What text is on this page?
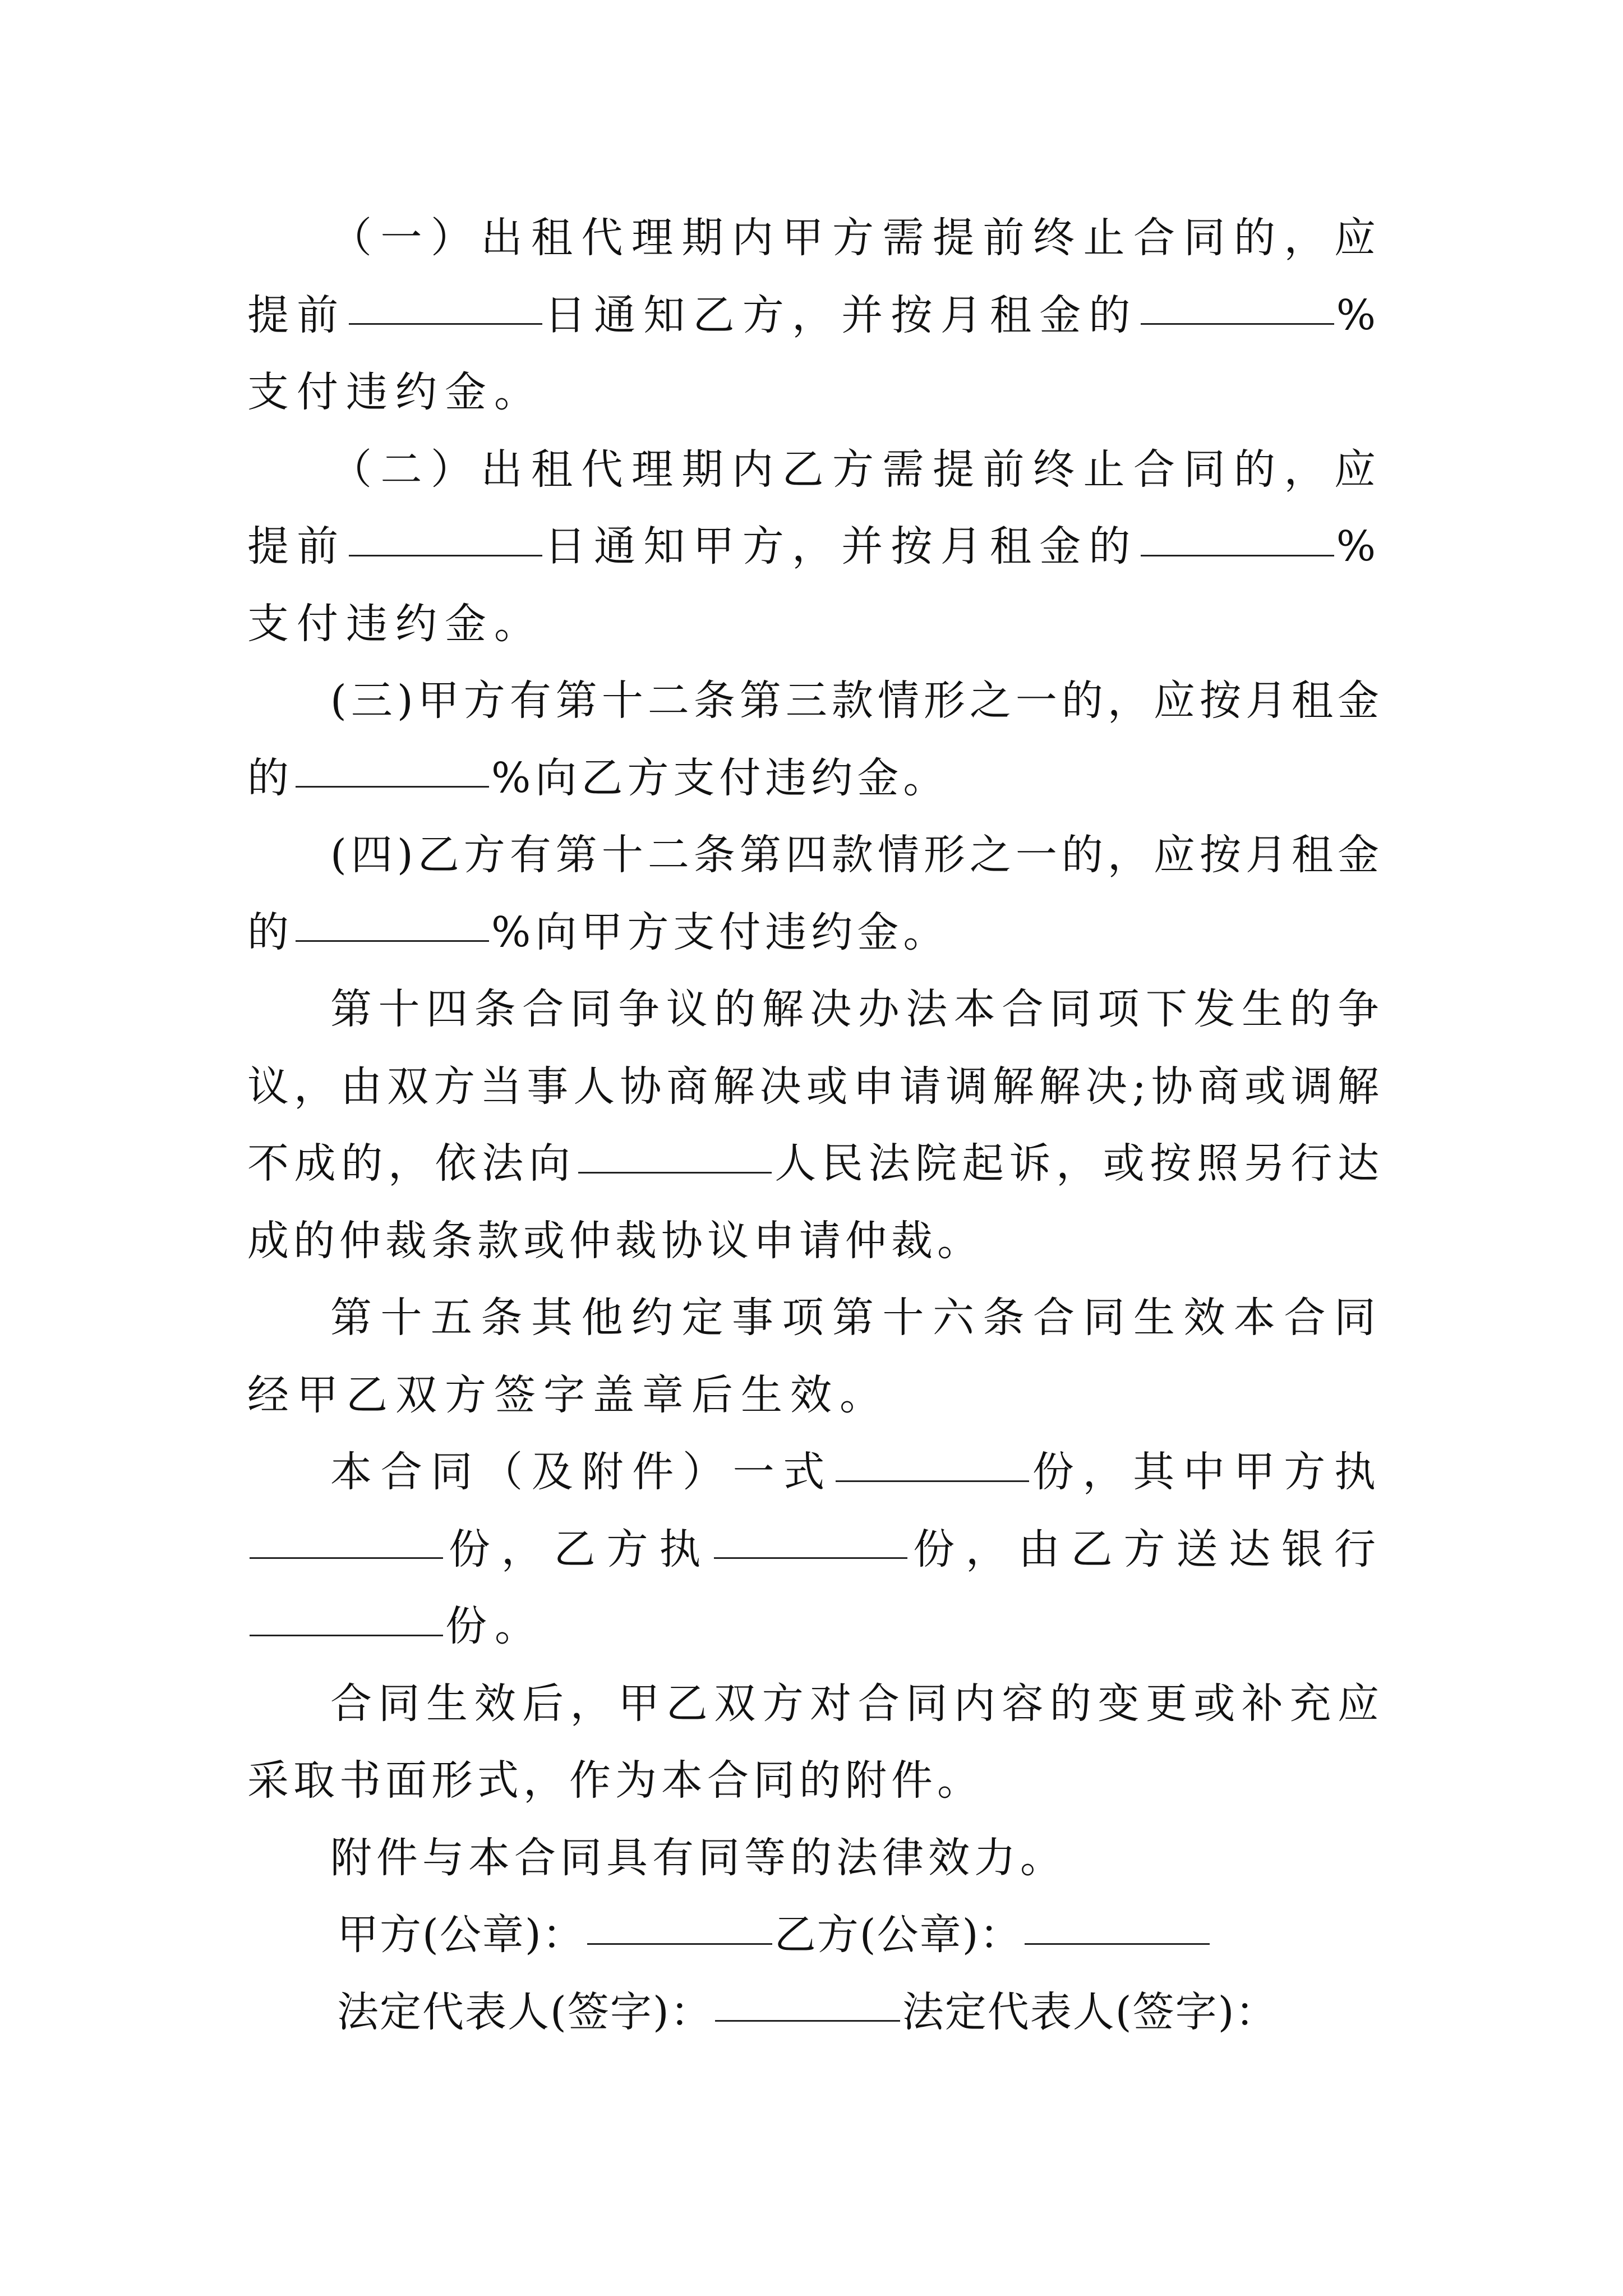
（一）出租代理期内甲方需提前终止合同的，应提前	日通知乙方，并按月租金的	%支付违约金。

（二）出租代理期内乙方需提前终止合同的，应提前	日通知甲方，并按月租金的	%支付违约金。

(三)甲方有第十二条第三款情形之一的，应按月租金的	%向乙方支付违约金。

(四)乙方有第十二条第四款情形之一的，应按月租金的	%向甲方支付违约金。

第十四条合同争议的解决办法本合同项下发生的争议，由双方当事人协商解决或申请调解解决;协商或调解不成的，依法向	人民法院起诉，或按照另行达成的仲裁条款或仲裁协议申请仲裁。

第十五条其他约定事项第十六条合同生效本合同经甲乙双方签字盖章后生效。

本合同（及附件）一式	份，其中甲方执份，乙方执	份，由乙方送达银行份。

合同生效后，甲乙双方对合同内容的变更或补充应采取书面形式，作为本合同的附件。

附件与本合同具有同等的法律效力。

甲方(公章)：	乙方(公章)：

法定代表人(签字)：	法定代表人(签字)：
